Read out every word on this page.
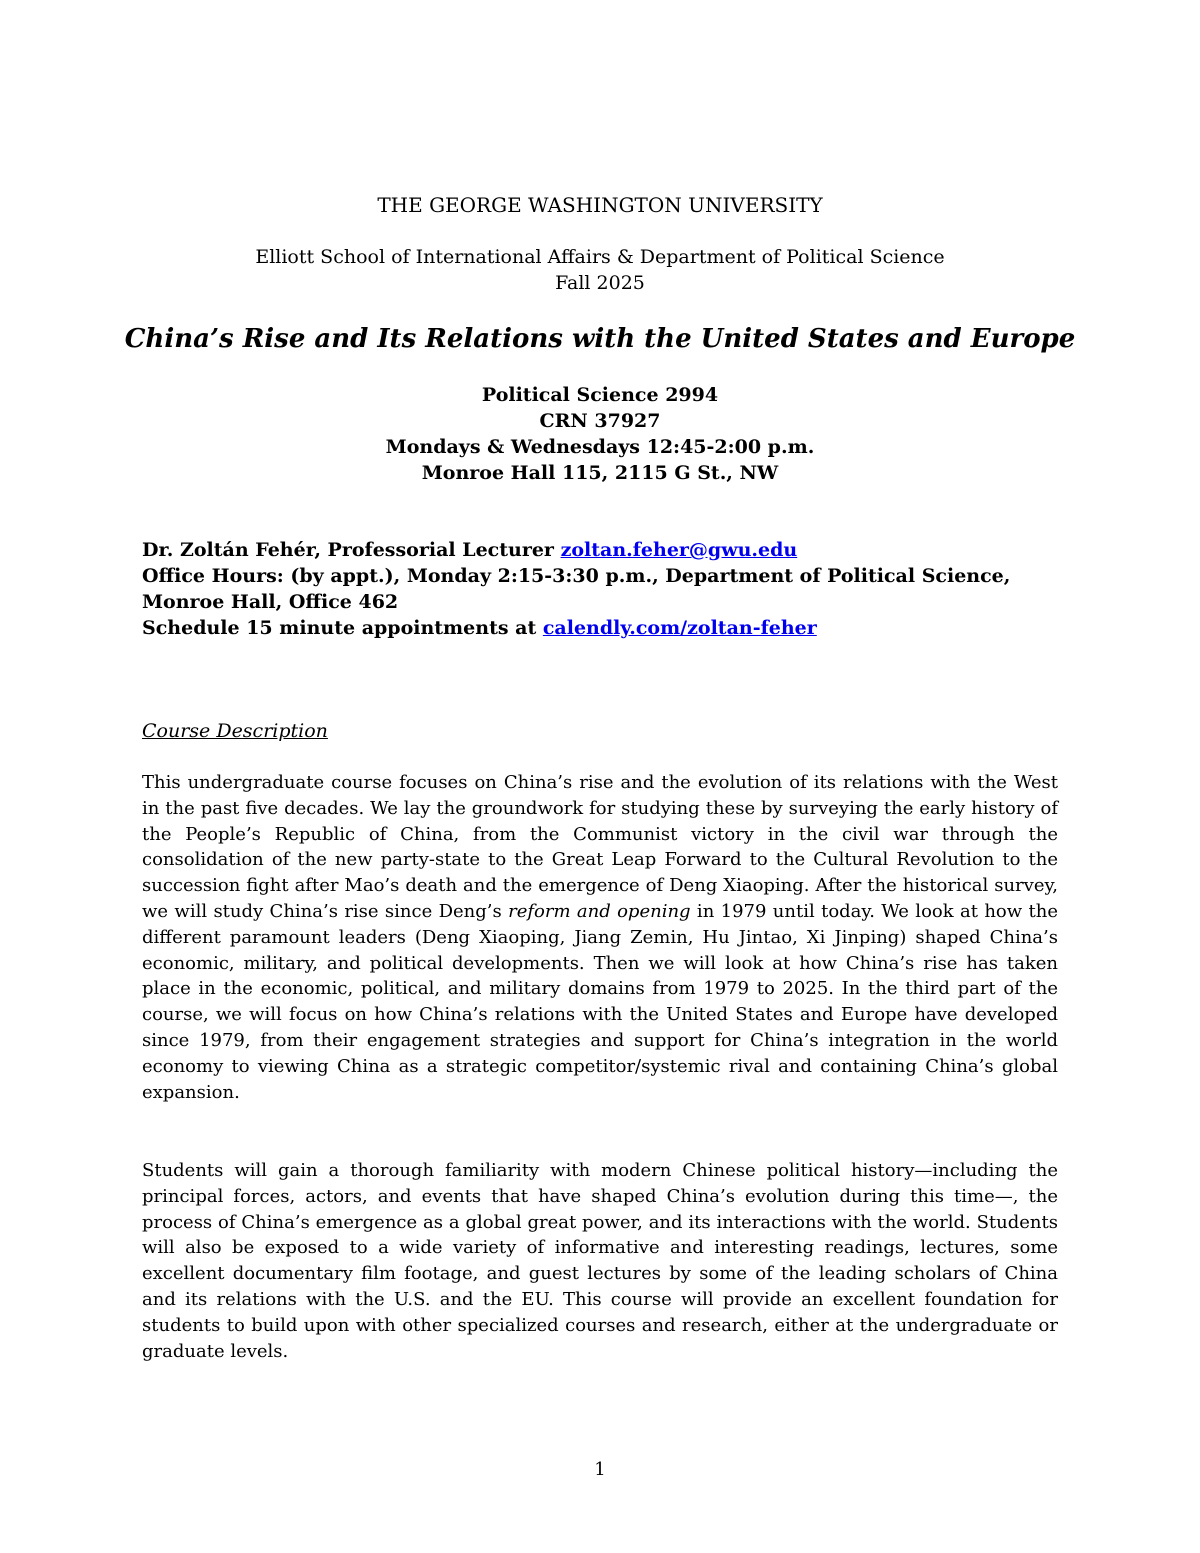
THE GEORGE WASHINGTON UNIVERSITY
Elliott School of International Affairs & Department of Political Science
Fall 2025
China’s Rise and Its Relations with the United States and Europe
Political Science 2994
CRN 37927
Mondays & Wednesdays 12:45-2:00 p.m.
Monroe Hall 115, 2115 G St., NW
Dr. Zoltán Fehér, Professorial Lecturer zoltan.feher@gwu.edu
Office Hours: (by appt.), Monday 2:15-3:30 p.m., Department of Political Science,
Monroe Hall, Office 462
Schedule 15 minute appointments at calendly.com/zoltan-feher
Course Description
This undergraduate course focuses on China’s rise and the evolution of its relations with the West in the past five decades. We lay the groundwork for studying these by surveying the early history of the People’s Republic of China, from the Communist victory in the civil war through the consolidation of the new party-state to the Great Leap Forward to the Cultural Revolution to the succession fight after Mao’s death and the emergence of Deng Xiaoping. After the historical survey, we will study China’s rise since Deng’s reform and opening in 1979 until today. We look at how the different paramount leaders (Deng Xiaoping, Jiang Zemin, Hu Jintao, Xi Jinping) shaped China’s economic, military, and political developments. Then we will look at how China’s rise has taken place in the economic, political, and military domains from 1979 to 2025. In the third part of the course, we will focus on how China’s relations with the United States and Europe have developed since 1979, from their engagement strategies and support for China’s integration in the world economy to viewing China as a strategic competitor/systemic rival and containing China’s global expansion.
Students will gain a thorough familiarity with modern Chinese political history—including the principal forces, actors, and events that have shaped China’s evolution during this time—, the process of China’s emergence as a global great power, and its interactions with the world. Students will also be exposed to a wide variety of informative and interesting readings, lectures, some excellent documentary film footage, and guest lectures by some of the leading scholars of China and its relations with the U.S. and the EU. This course will provide an excellent foundation for students to build upon with other specialized courses and research, either at the undergraduate or graduate levels.
1
